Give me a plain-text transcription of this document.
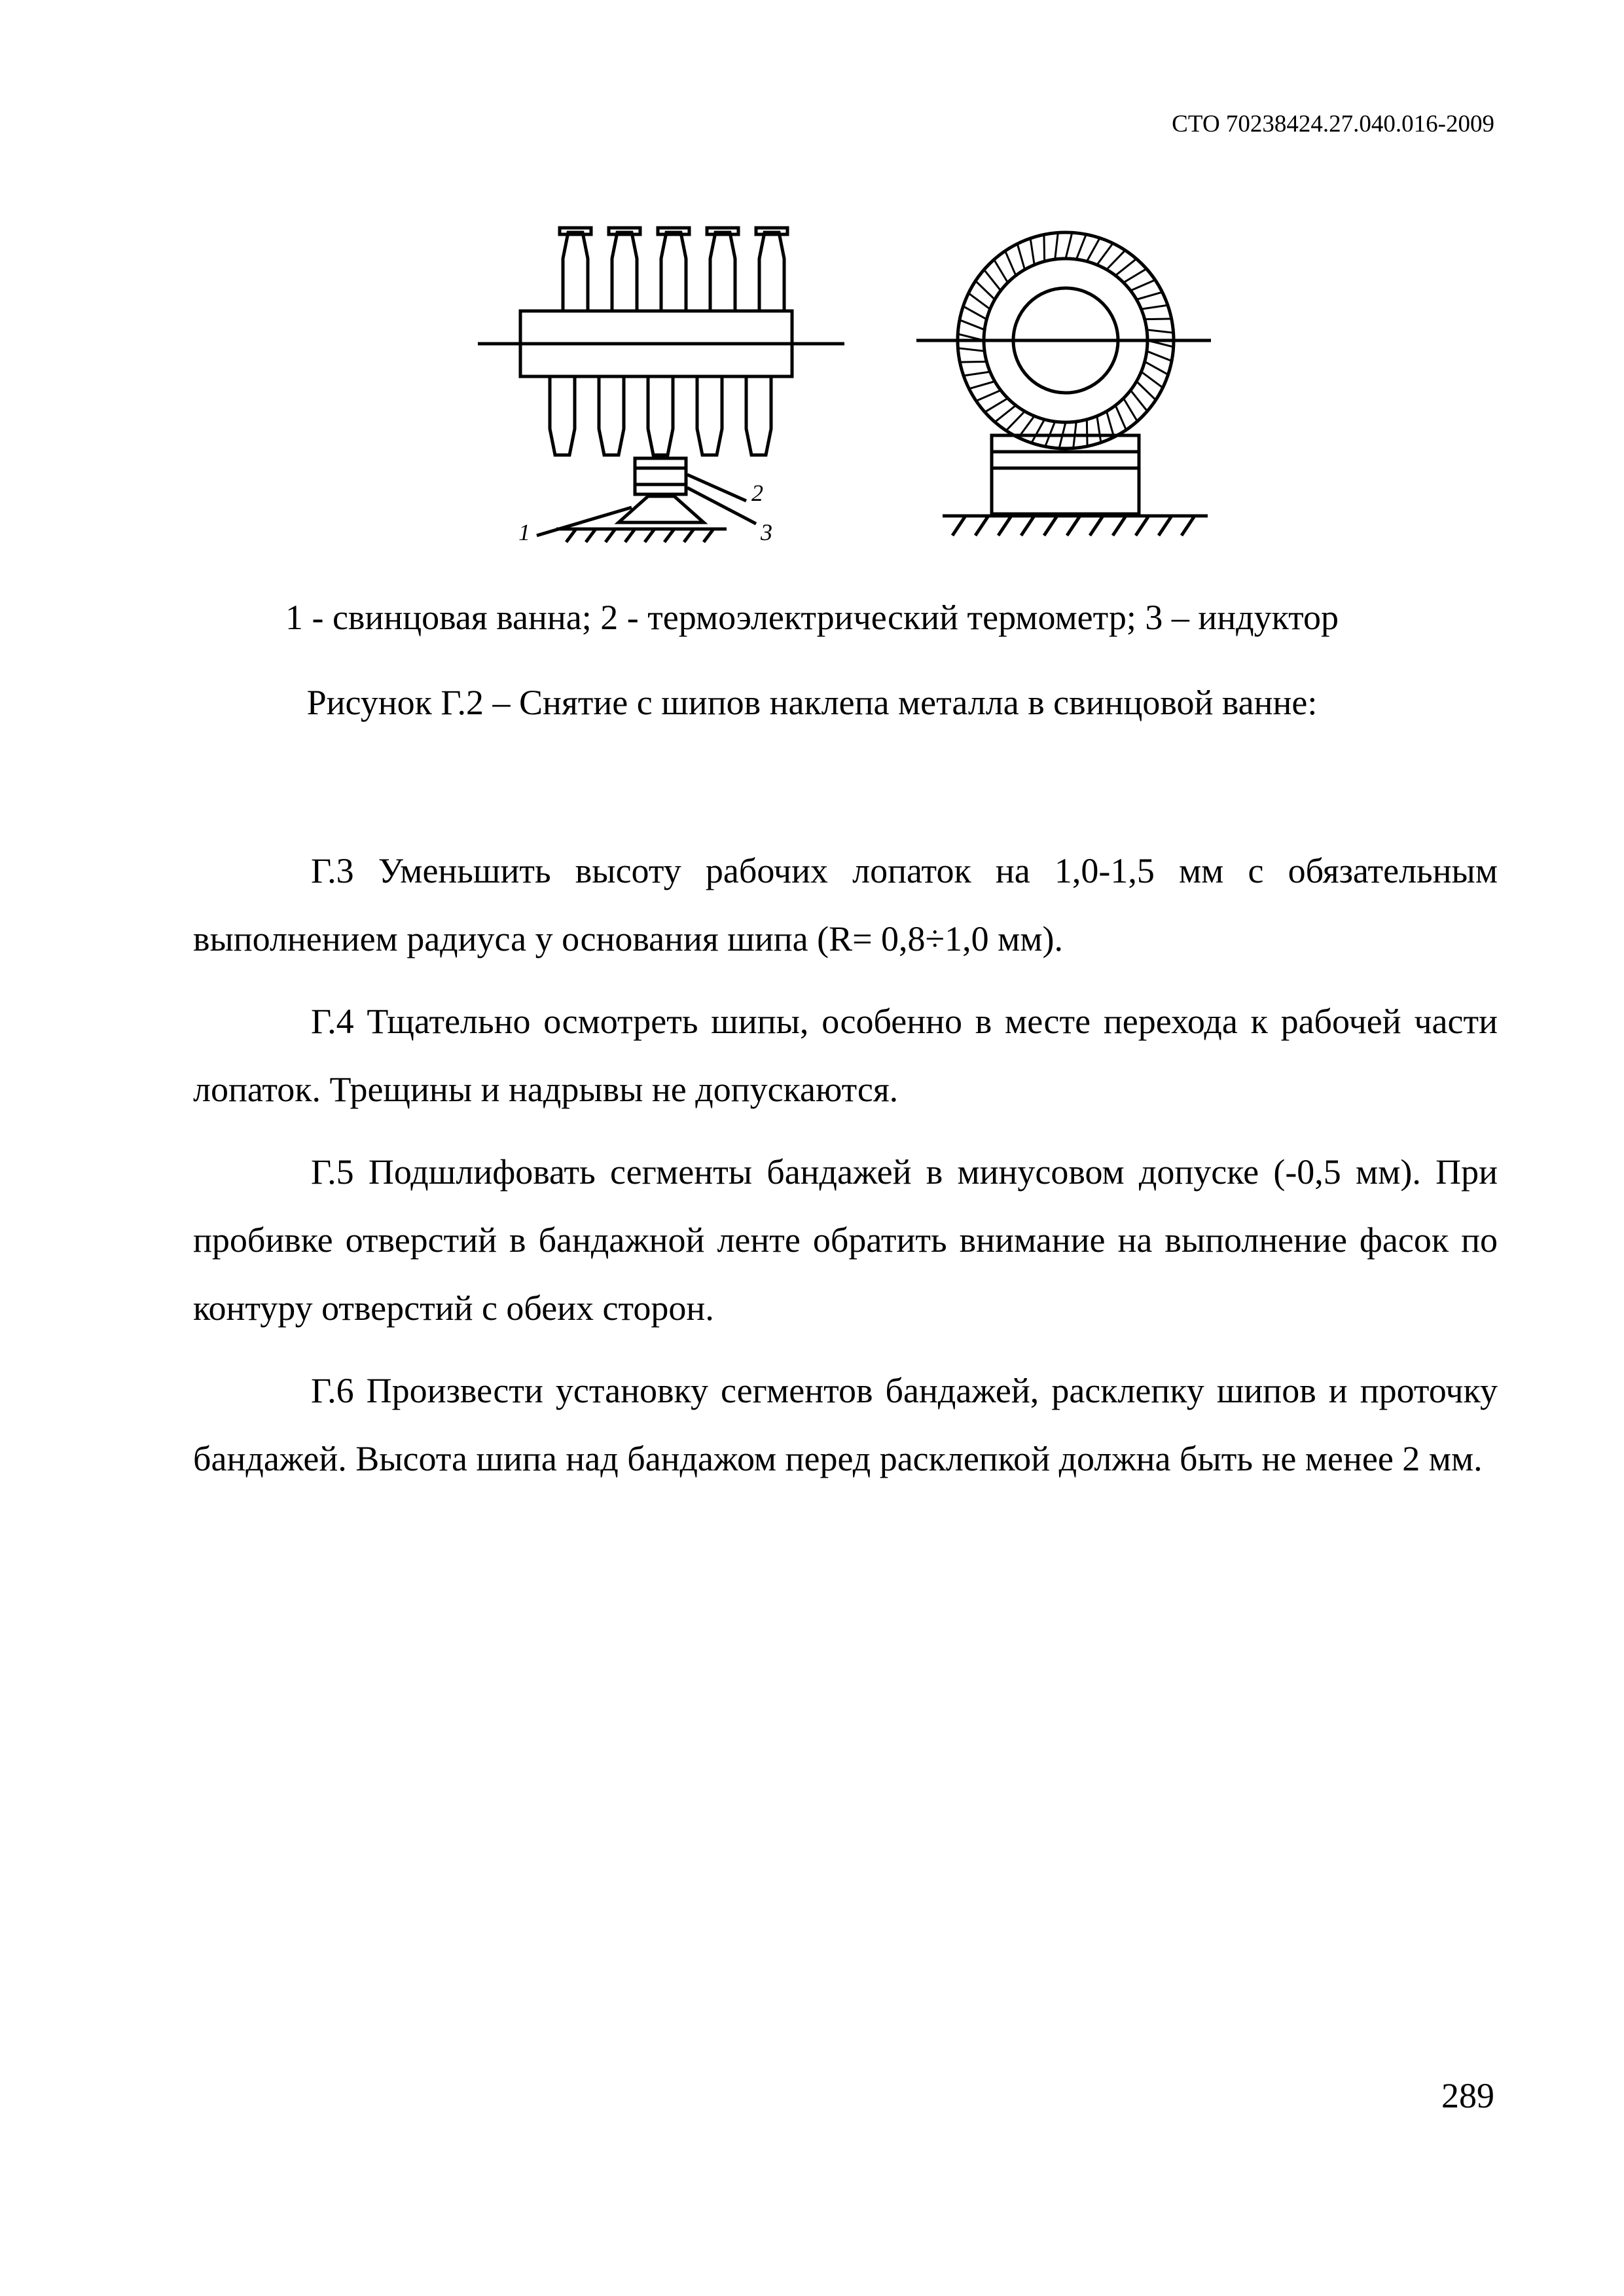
СТО 70238424.27.040.016-2009
1
2
3
1 - свинцовая ванна; 2 - термоэлектрический термометр; 3 – индуктор
Рисунок Г.2 – Снятие с шипов наклепа металла в свинцовой ванне:

Г.3 Уменьшить высоту рабочих лопаток на 1,0-1,5 мм с обязательным выполнением радиуса у основания шипа (R= 0,8÷1,0 мм).

Г.4 Тщательно осмотреть шипы, особенно в месте перехода к рабочей части лопаток. Трещины и надрывы не допускаются.

Г.5 Подшлифовать сегменты бандажей в минусовом допуске (-0,5 мм). При пробивке отверстий в бандажной ленте обратить внимание на выполнение фасок по контуру отверстий с обеих сторон.

Г.6 Произвести установку сегментов бандажей, расклепку шипов и проточку бандажей. Высота шипа над бандажом перед расклепкой должна быть не менее 2 мм.

289
